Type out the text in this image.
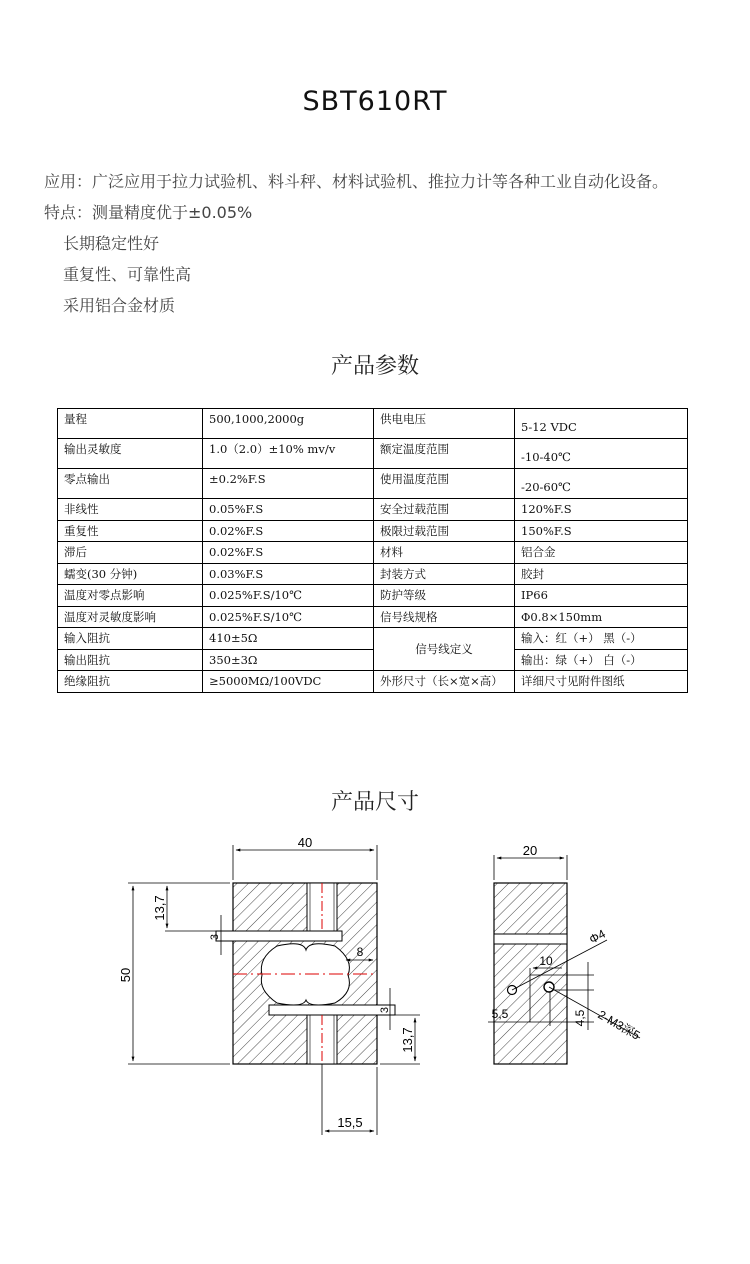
SBT610RT
应用：广泛应用于拉力试验机、料斗秤、材料试验机、推拉力计等各种工业自动化设备。
特点：测量精度优于±0.05%
长期稳定性好
重复性、可靠性高
采用铝合金材质
产品参数
量程	500,1000,2000g	供电电压	5-12 VDC
输出灵敏度	1.0（2.0）±10% mv/v	额定温度范围	-10-40℃
零点输出	±0.2%F.S	使用温度范围	-20-60℃
非线性	0.05%F.S	安全过载范围	120%F.S
重复性	0.02%F.S	极限过载范围	150%F.S
滞后	0.02%F.S	材料	铝合金
蠕变(30 分钟)	0.03%F.S	封装方式	胶封
温度对零点影响	0.025%F.S/10℃	防护等级	IP66
温度对灵敏度影响	0.025%F.S/10℃	信号线规格	Φ0.8×150mm
输入阻抗	410±5Ω	信号线定义	输入：红（+） 黑（-）
输出阻抗	350±3Ω		输出：绿（+） 白（-）
绝缘阻抗	≥5000MΩ/100VDC	外形尺寸（长×宽×高）	详细尺寸见附件图纸
产品尺寸
40
50
13,7
3
8
3
13,7
15,5
20
Φ4
2-M3深5
10
5,5	4,5
